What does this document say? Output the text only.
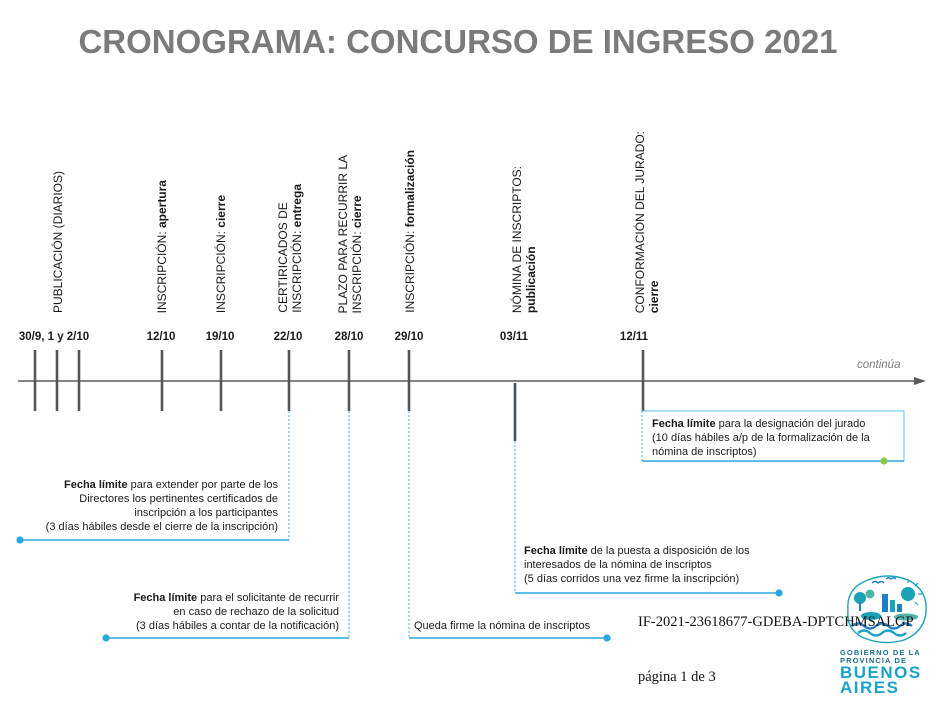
CRONOGRAMA: CONCURSO DE INGRESO 2021
PUBLICACIÓN (DIARIOS)	INSCRIPCIÓN: apertura
INSCRIPCIÓN: cierre	CERTIRICADOS DE INSCRIPCIÓN: entrega	PLAZO PARA RECURRIR LA INSCRIPCIÓN: cierre
INSCRIPCIÓN: formalización	NÓMINA DE INSCRIPTOS: publicación	CONFORMACIÓN DEL JURADO: cierre
30/9, 1 y 2/10	12/10	19/10	22/10	28/10	29/10	03/11	12/11
continúa
Fecha límite para extender por parte de los
Directores los pertinentes certificados de
inscripción a los participantes
(3 días hábiles desde el cierre de la inscripción)
Fecha límite para el solicitante de recurrir
en caso de rechazo de la solicitud
(3 días hábiles a contar de la notificación)	Queda firme la nómina de inscriptos
Fecha límite de la puesta a disposición de los
interesados de la nómina de inscriptos
(5 días corridos una vez firme la inscripción)
Fecha límite para la designación del jurado
(10 días hábiles a/p de la formalización de la
nómina de inscriptos)
GOBIERNO DE LA
PROVINCIA DE
BUENOS
AIRES
IF-2021-23618677-GDEBA-DPTCHMSALGP
página 1 de 3
